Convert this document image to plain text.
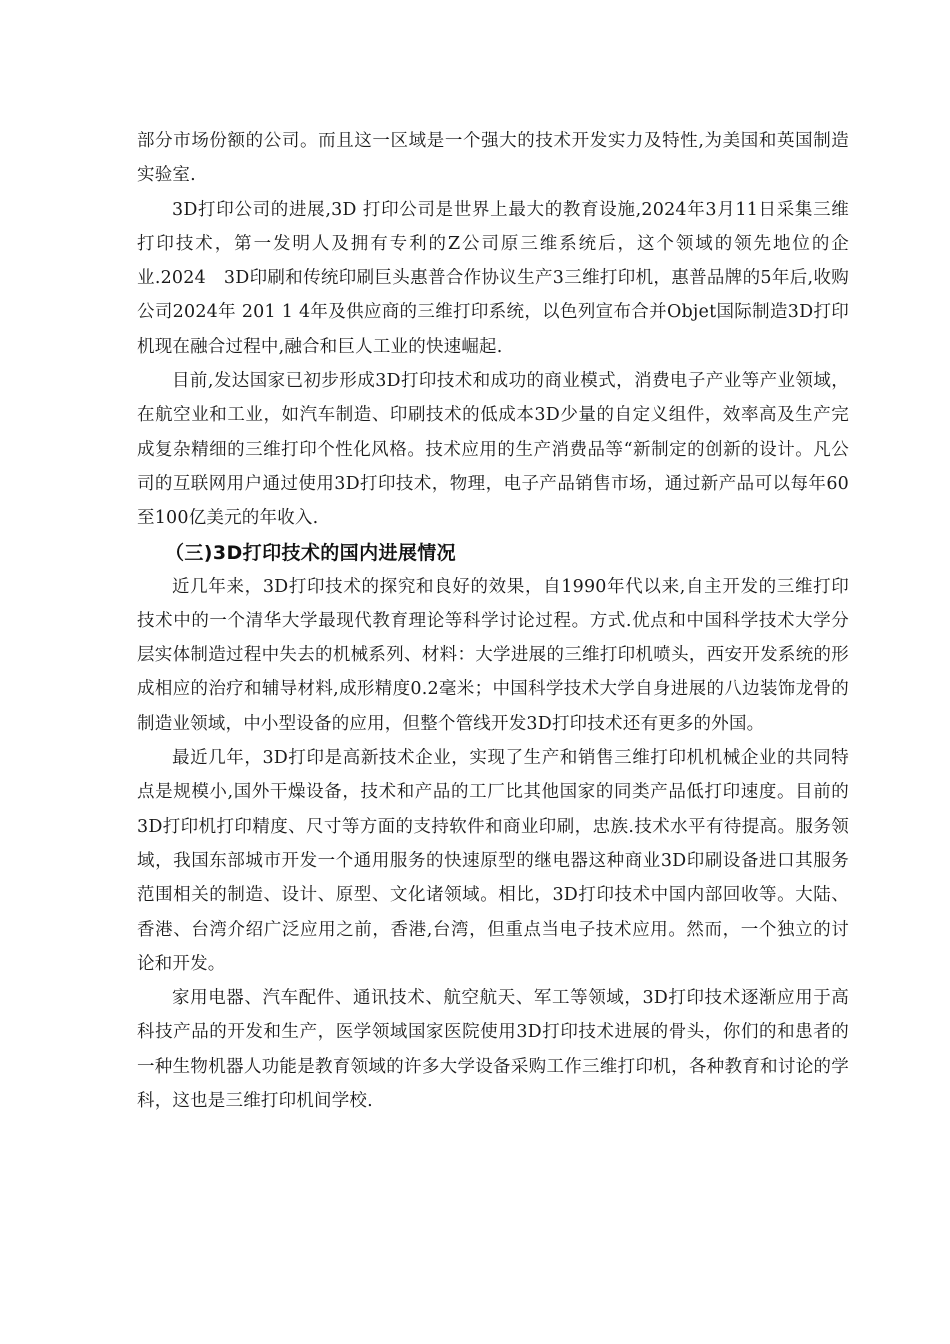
部分市场份额的公司。而且这一区域是一个强大的技术开发实力及特性,为美国和英国制造实验室.

3D打印公司的进展,3D 打印公司是世界上最大的教育设施,2024年3月11日采集三维打印技术，第一发明人及拥有专利的Z公司原三维系统后，这个领域的领先地位的企业.2024　3D印刷和传统印刷巨头惠普合作协议生产3三维打印机，惠普品牌的5年后,收购公司2024年 201 1 4年及供应商的三维打印系统，以色列宣布合并Objet国际制造3D打印机现在融合过程中,融合和巨人工业的快速崛起.

目前,发达国家已初步形成3D打印技术和成功的商业模式，消费电子产业等产业领域，在航空业和工业，如汽车制造、印刷技术的低成本3D少量的自定义组件，效率高及生产完成复杂精细的三维打印个性化风格。技术应用的生产消费品等“新制定的创新的设计。凡公司的互联网用户通过使用3D打印技术，物理，电子产品销售市场，通过新产品可以每年60至100亿美元的年收入.

（三)3D打印技术的国内进展情况

近几年来，3D打印技术的探究和良好的效果，自1990年代以来,自主开发的三维打印技术中的一个清华大学最现代教育理论等科学讨论过程。方式.优点和中国科学技术大学分层实体制造过程中失去的机械系列、材料：大学进展的三维打印机喷头，西安开发系统的形成相应的治疗和辅导材料,成形精度0.2毫米；中国科学技术大学自身进展的八边装饰龙骨的制造业领域，中小型设备的应用，但整个管线开发3D打印技术还有更多的外国。

最近几年，3D打印是高新技术企业，实现了生产和销售三维打印机机械企业的共同特点是规模小,国外干燥设备，技术和产品的工厂比其他国家的同类产品低打印速度。目前的3D打印机打印精度、尺寸等方面的支持软件和商业印刷，忠族.技术水平有待提高。服务领域，我国东部城市开发一个通用服务的快速原型的继电器这种商业3D印刷设备进口其服务范围相关的制造、设计、原型、文化诸领域。相比，3D打印技术中国内部回收等。大陆、香港、台湾介绍广泛应用之前，香港,台湾，但重点当电子技术应用。然而，一个独立的讨论和开发。

家用电器、汽车配件、通讯技术、航空航天、军工等领域，3D打印技术逐渐应用于高科技产品的开发和生产，医学领域国家医院使用3D打印技术进展的骨头，你们的和患者的一种生物机器人功能是教育领域的许多大学设备采购工作三维打印机，各种教育和讨论的学科，这也是三维打印机间学校.
